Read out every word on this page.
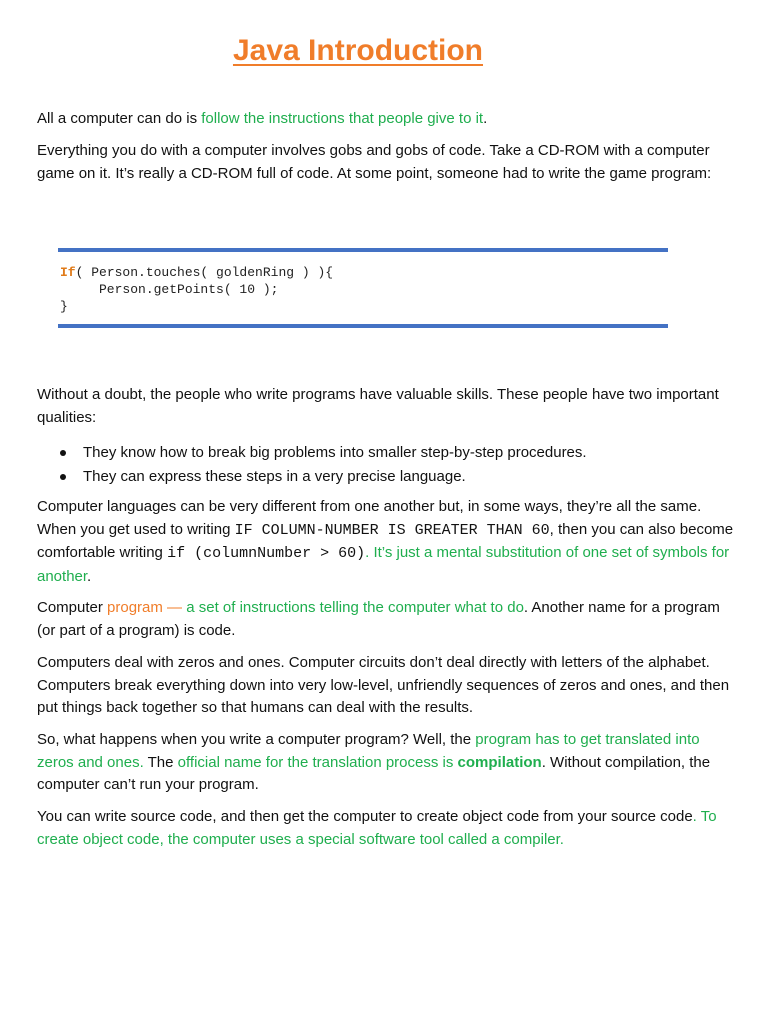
Java Introduction

All a computer can do is follow the instructions that people give to it.

Everything you do with a computer involves gobs and gobs of code. Take a CD-ROM with a computer game on it. It’s really a CD-ROM full of code. At some point, someone had to write the game program:

If( Person.touches( goldenRing ) ){

Person.getPoints( 10 );

}

Without a doubt, the people who write programs have valuable skills. These people have two important qualities:

They know how to break big problems into smaller step-by-step procedures.
They can express these steps in a very precise language.

Computer languages can be very different from one another but, in some ways, they’re all the same. When you get used to writing IF COLUMN-NUMBER IS GREATER THAN 60, then you can also become comfortable writing if (columnNumber > 60). It’s just a mental substitution of one set of symbols for another.

Computer program — a set of instructions telling the computer what to do. Another name for a program (or part of a program) is code.

Computers deal with zeros and ones. Computer circuits don’t deal directly with letters of the alphabet. Computers break everything down into very low-level, unfriendly sequences of zeros and ones, and then put things back together so that humans can deal with the results.

So, what happens when you write a computer program? Well, the program has to get translated into zeros and ones. The official name for the translation process is compilation. Without compilation, the computer can’t run your program.

You can write source code, and then get the computer to create object code from your source code. To create object code, the computer uses a special software tool called a compiler.
